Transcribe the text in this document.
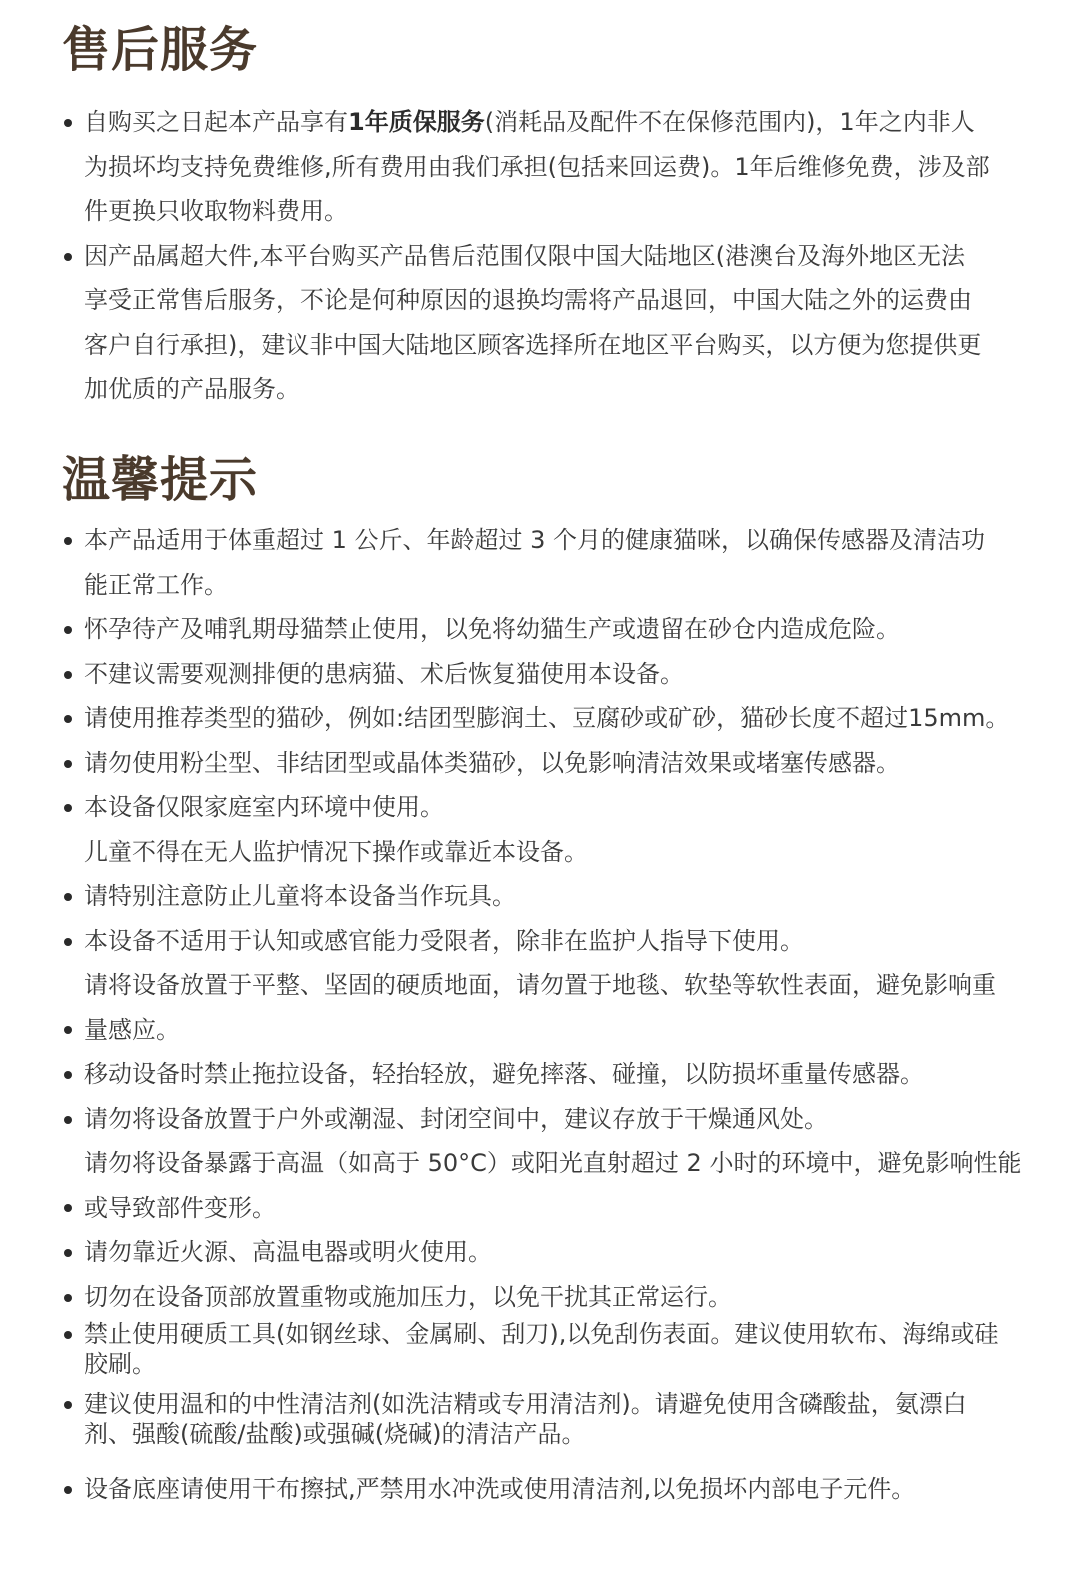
售后服务
自购买之日起本产品享有1年质保服务(消耗品及配件不在保修范围内)，1年之内非人
为损坏均支持免费维修,所有费用由我们承担(包括来回运费)。1年后维修免费，涉及部
件更换只收取物料费用。
因产品属超大件,本平台购买产品售后范围仅限中国大陆地区(港澳台及海外地区无法
享受正常售后服务，不论是何种原因的退换均需将产品退回，中国大陆之外的运费由
客户自行承担)，建议非中国大陆地区顾客选择所在地区平台购买，以方便为您提供更
加优质的产品服务。
温馨提示
本产品适用于体重超过 1 公斤、年龄超过 3 个月的健康猫咪，以确保传感器及清洁功
能正常工作。
怀孕待产及哺乳期母猫禁止使用，以免将幼猫生产或遗留在砂仓内造成危险。
不建议需要观测排便的患病猫、术后恢复猫使用本设备。
请使用推荐类型的猫砂，例如:结团型膨润土、豆腐砂或矿砂，猫砂长度不超过15mm。
请勿使用粉尘型、非结团型或晶体类猫砂，以免影响清洁效果或堵塞传感器。
本设备仅限家庭室内环境中使用。
儿童不得在无人监护情况下操作或靠近本设备。
请特别注意防止儿童将本设备当作玩具。
本设备不适用于认知或感官能力受限者，除非在监护人指导下使用。
请将设备放置于平整、坚固的硬质地面，请勿置于地毯、软垫等软性表面，避免影响重
量感应。
移动设备时禁止拖拉设备，轻抬轻放，避免摔落、碰撞，以防损坏重量传感器。
请勿将设备放置于户外或潮湿、封闭空间中，建议存放于干燥通风处。
请勿将设备暴露于高温（如高于 50°C）或阳光直射超过 2 小时的环境中，避免影响性能
或导致部件变形。
请勿靠近火源、高温电器或明火使用。
切勿在设备顶部放置重物或施加压力，以免干扰其正常运行。
禁止使用硬质工具(如钢丝球、金属刷、刮刀),以免刮伤表面。建议使用软布、海绵或硅
胶刷。
建议使用温和的中性清洁剂(如洗洁精或专用清洁剂)。请避免使用含磷酸盐，氨漂白
剂、强酸(硫酸/盐酸)或强碱(烧碱)的清洁产品。
设备底座请使用干布擦拭,严禁用水冲洗或使用清洁剂,以免损坏内部电子元件。
